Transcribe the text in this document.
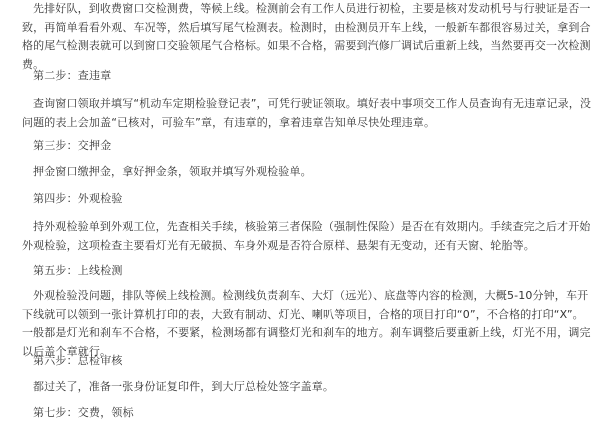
先排好队，到收费窗口交检测费，等候上线。检测前会有工作人员进行初检，主要是核对发动机号与行驶证是否一致，再简单看看外观、车况等，然后填写尾气检测表。检测时，由检测员开车上线，一般新车都很容易过关，拿到合格的尾气检测表就可以到窗口交验领尾气合格标。如果不合格，需要到汽修厂调试后重新上线，当然要再交一次检测费。

第二步：查违章

查询窗口领取并填写“机动车定期检验登记表”，可凭行驶证领取。填好表中事项交工作人员查询有无违章记录，没问题的表上会加盖“已核对，可验车”章，有违章的，拿着违章告知单尽快处理违章。

第三步：交押金

押金窗口缴押金，拿好押金条，领取并填写外观检验单。

第四步：外观检验

持外观检验单到外观工位，先查相关手续，核验第三者保险（强制性保险）是否在有效期内。手续查完之后才开始外观检验，这项检查主要看灯光有无破损、车身外观是否符合原样、悬架有无变动，还有天窗、轮胎等。

第五步：上线检测

外观检验没问题，排队等候上线检测。检测线负责刹车、大灯（远光）、底盘等内容的检测，大概5-10分钟，车开下线就可以领到一张计算机打印的表，大致有制动、灯光、喇叭等项目，合格的项目打印“0”，不合格的打印“X”。一般都是灯光和刹车不合格，不要紧，检测场都有调整灯光和刹车的地方。刹车调整后要重新上线，灯光不用，调完以后盖个章就行。

第六步：总检审核

都过关了，准备一张身份证复印件，到大厅总检处签字盖章。

第七步：交费，领标
